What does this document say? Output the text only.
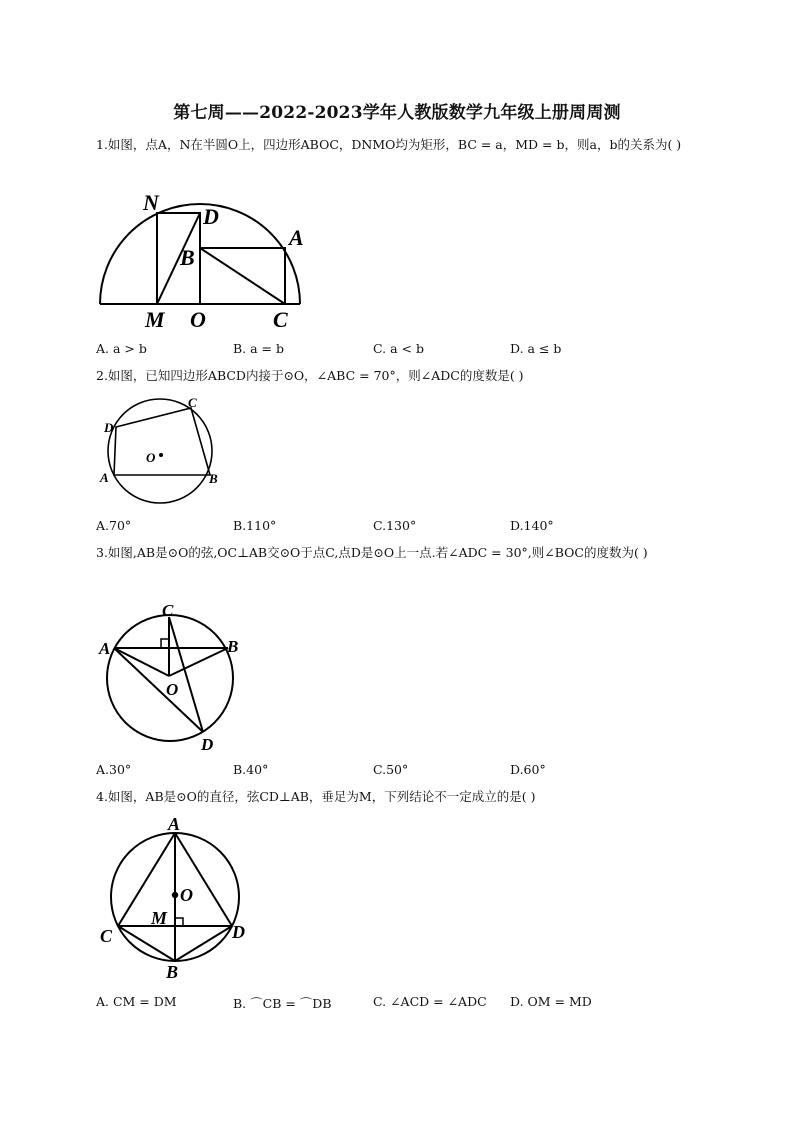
第七周——2022-2023学年人教版数学九年级上册周周测
1.如图，点A，N在半圆O上，四边形ABOC，DNMO均为矩形，BC = a，MD = b，则a，b的关系为( )
N
D
A
B
M O	C
A. a > b	B. a = b	C. a < b	D. a ≤ b
2.如图，已知四边形ABCD内接于⊙O，∠ABC = 70°，则∠ADC的度数是( )
C
D
O
A	B
A.70°	B.110°	C.130°	D.140°
3.如图,AB是⊙O的弦,OC⊥AB交⊙O于点C,点D是⊙O上一点.若∠ADC = 30°,则∠BOC的度数为( )
C
A	B
O
D
A.30°	B.40°	C.50°	D.60°
4.如图，AB是⊙O的直径，弦CD⊥AB，垂足为M，下列结论不一定成立的是( )
A
O
M
C	D
B
A. CM = DM	B. ⌒CB = ⌒DB	C. ∠ACD = ∠ADC D. OM = MD
